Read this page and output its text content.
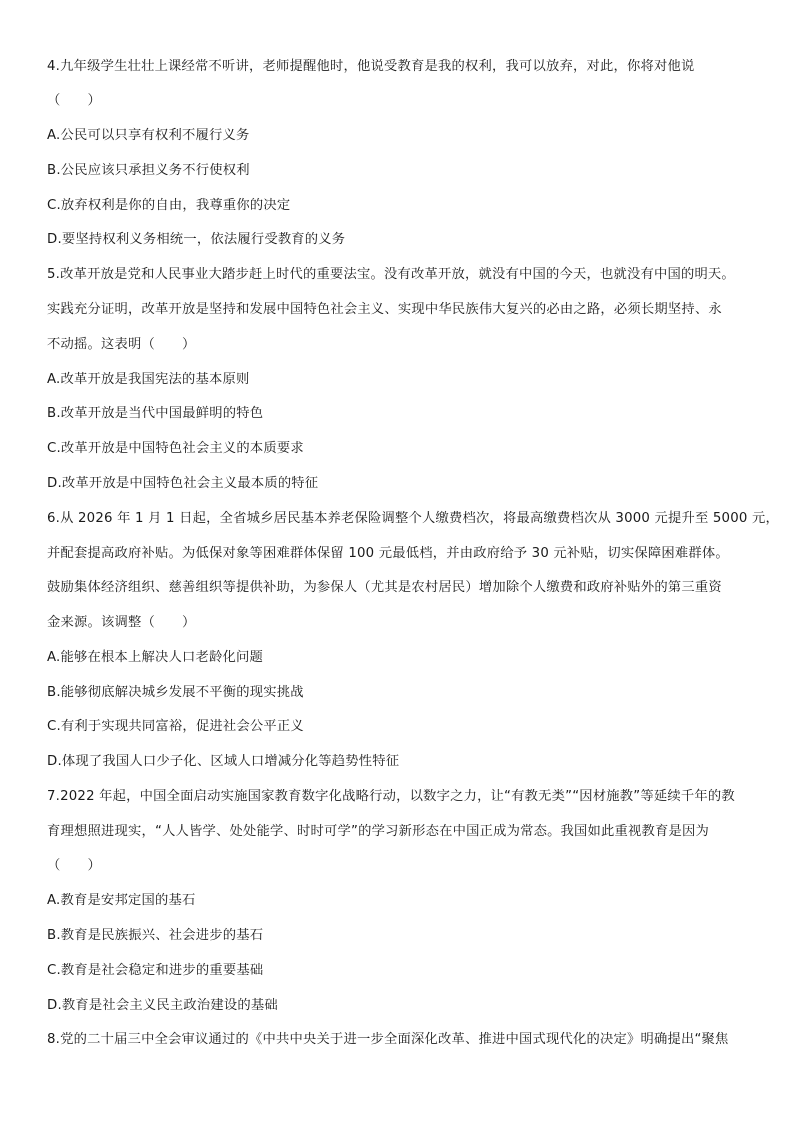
4.九年级学生壮壮上课经常不听讲，老师提醒他时，他说受教育是我的权利，我可以放弃，对此，你将对他说
（　　）
A.公民可以只享有权利不履行义务
B.公民应该只承担义务不行使权利
C.放弃权利是你的自由，我尊重你的决定
D.要坚持权利义务相统一，依法履行受教育的义务
5.改革开放是党和人民事业大踏步赶上时代的重要法宝。没有改革开放，就没有中国的今天，也就没有中国的明天。
实践充分证明，改革开放是坚持和发展中国特色社会主义、实现中华民族伟大复兴的必由之路，必须长期坚持、永
不动摇。这表明（　　）
A.改革开放是我国宪法的基本原则
B.改革开放是当代中国最鲜明的特色
C.改革开放是中国特色社会主义的本质要求
D.改革开放是中国特色社会主义最本质的特征
6.从 2026 年 1 月 1 日起，全省城乡居民基本养老保险调整个人缴费档次，将最高缴费档次从 3000 元提升至 5000 元，
并配套提高政府补贴。为低保对象等困难群体保留 100 元最低档，并由政府给予 30 元补贴，切实保障困难群体。
鼓励集体经济组织、慈善组织等提供补助，为参保人（尤其是农村居民）增加除个人缴费和政府补贴外的第三重资
金来源。该调整（　　）
A.能够在根本上解决人口老龄化问题
B.能够彻底解决城乡发展不平衡的现实挑战
C.有利于实现共同富裕，促进社会公平正义
D.体现了我国人口少子化、区域人口增减分化等趋势性特征
7.2022 年起，中国全面启动实施国家教育数字化战略行动，以数字之力，让“有教无类”“因材施教”等延续千年的教
育理想照进现实，“人人皆学、处处能学、时时可学”的学习新形态在中国正成为常态。我国如此重视教育是因为
（　　）
A.教育是安邦定国的基石
B.教育是民族振兴、社会进步的基石
C.教育是社会稳定和进步的重要基础
D.教育是社会主义民主政治建设的基础
8.党的二十届三中全会审议通过的《中共中央关于进一步全面深化改革、推进中国式现代化的决定》明确提出“聚焦
